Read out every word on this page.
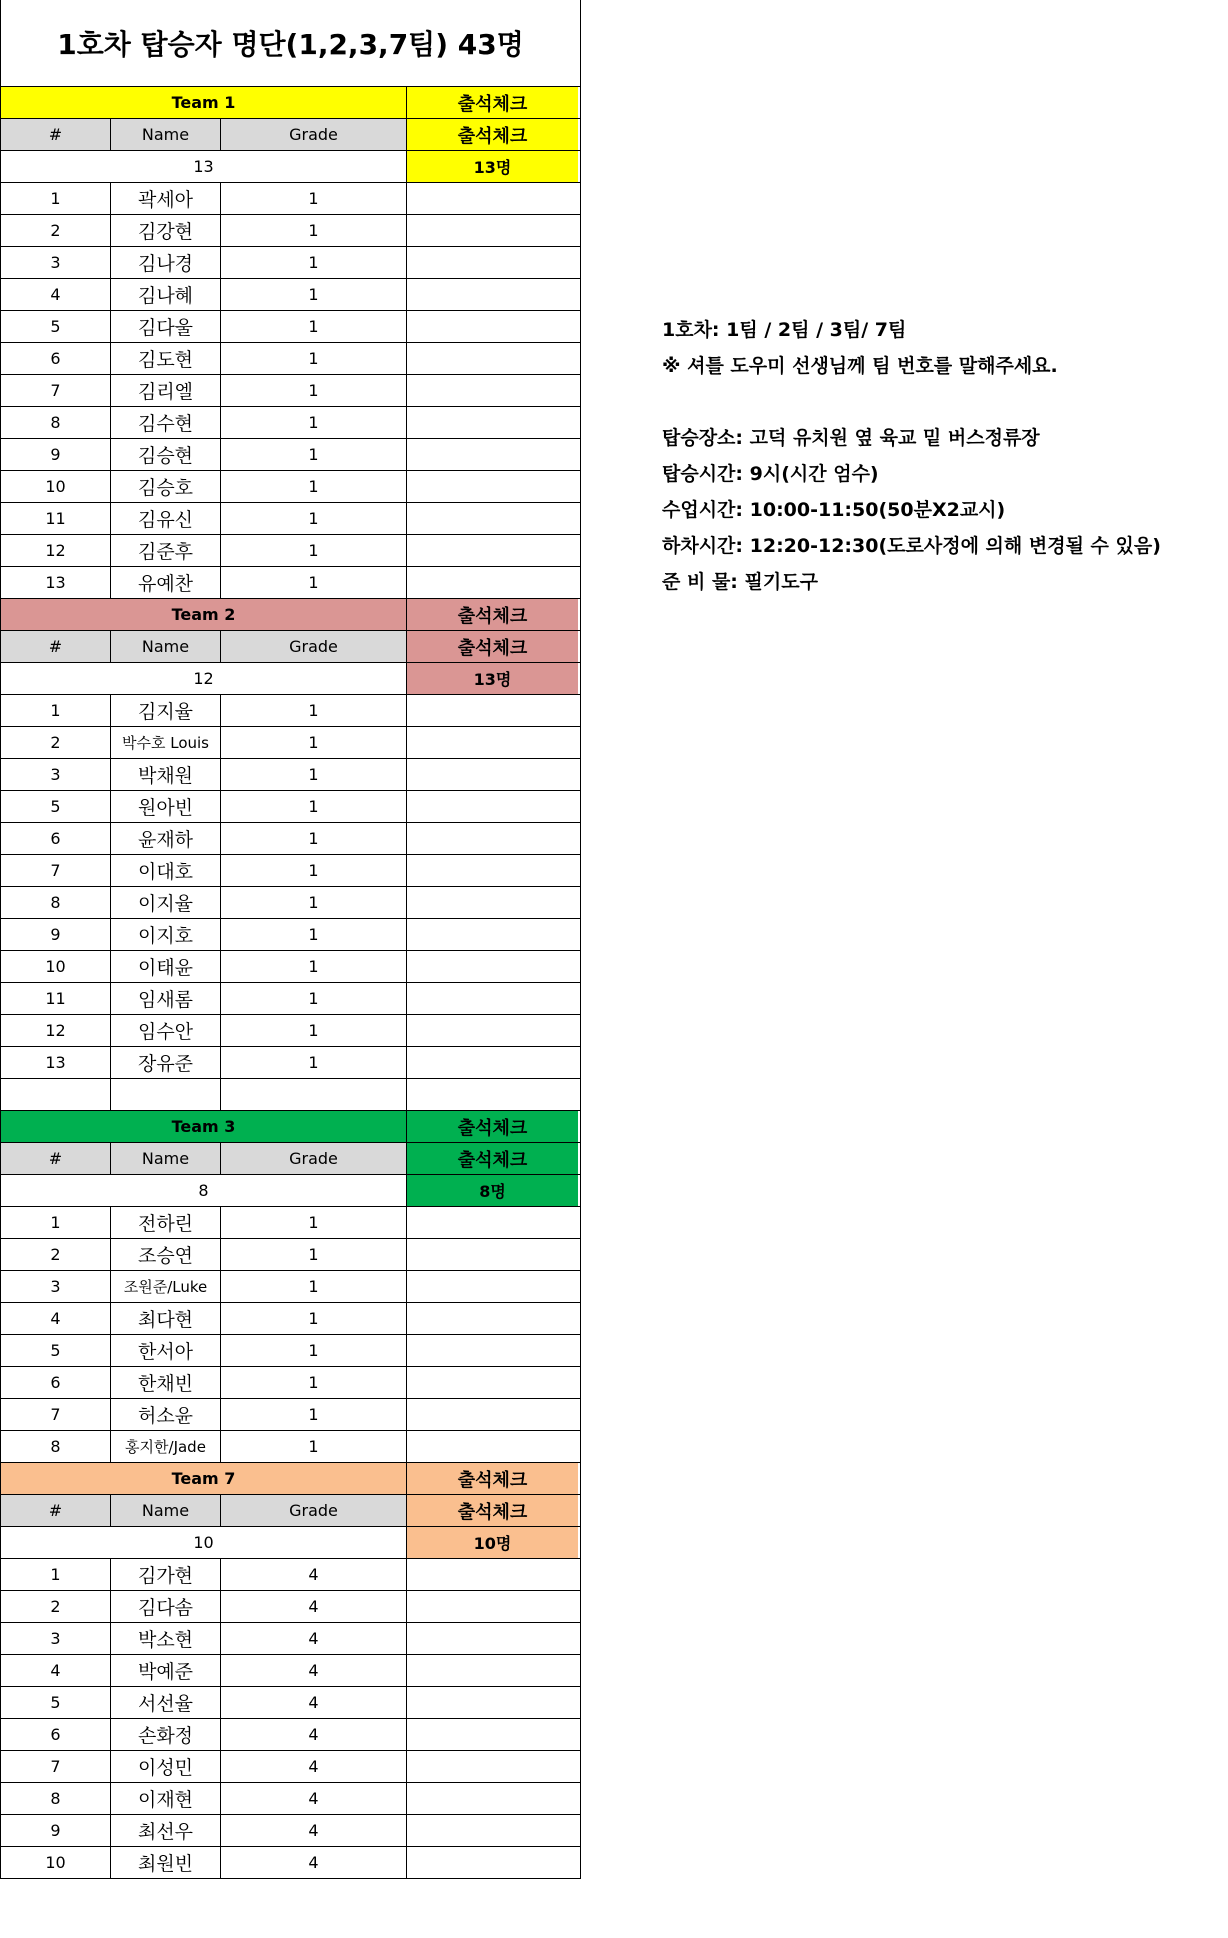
1호차 탑승자 명단(1,2,3,7팀) 43명
Team 1	출석체크
#	Name	Grade	출석체크
13	13명
1	곽세아	1
2	김강현	1
3	김나경	1
4	김나혜	1
5	김다울	1
6	김도현	1
7	김리엘	1
8	김수현	1
9	김승현	1
10	김승호	1
11	김유신	1
12	김준후	1
13	유예찬	1
Team 2	출석체크
#	Name	Grade	출석체크
12	13명
1	김지율	1
2	박수호 Louis	1
3	박채원	1
5	원아빈	1
6	윤재하	1
7	이대호	1
8	이지율	1
9	이지호	1
10	이태윤	1
11	임새롬	1
12	임수안	1
13	장유준	1
Team 3	출석체크
#	Name	Grade	출석체크
8	8명
1	전하린	1
2	조승연	1
3	조원준/Luke	1
4	최다현	1
5	한서아	1
6	한채빈	1
7	허소윤	1
8	홍지한/Jade	1
Team 7	출석체크
#	Name	Grade	출석체크
10	10명
1	김가현	4
2	김다솜	4
3	박소현	4
4	박예준	4
5	서선율	4
6	손화정	4
7	이성민	4
8	이재현	4
9	최선우	4
10	최원빈	4
1호차: 1팀 / 2팀 / 3팀/ 7팀
※ 셔틀 도우미 선생님께 팀 번호를 말해주세요.
탑승장소: 고덕 유치원 옆 육교 밑 버스정류장
탑승시간: 9시(시간 엄수)
수업시간: 10:00-11:50(50분X2교시)
하차시간: 12:20-12:30(도로사정에 의해 변경될 수 있음)
준 비 물: 필기도구
